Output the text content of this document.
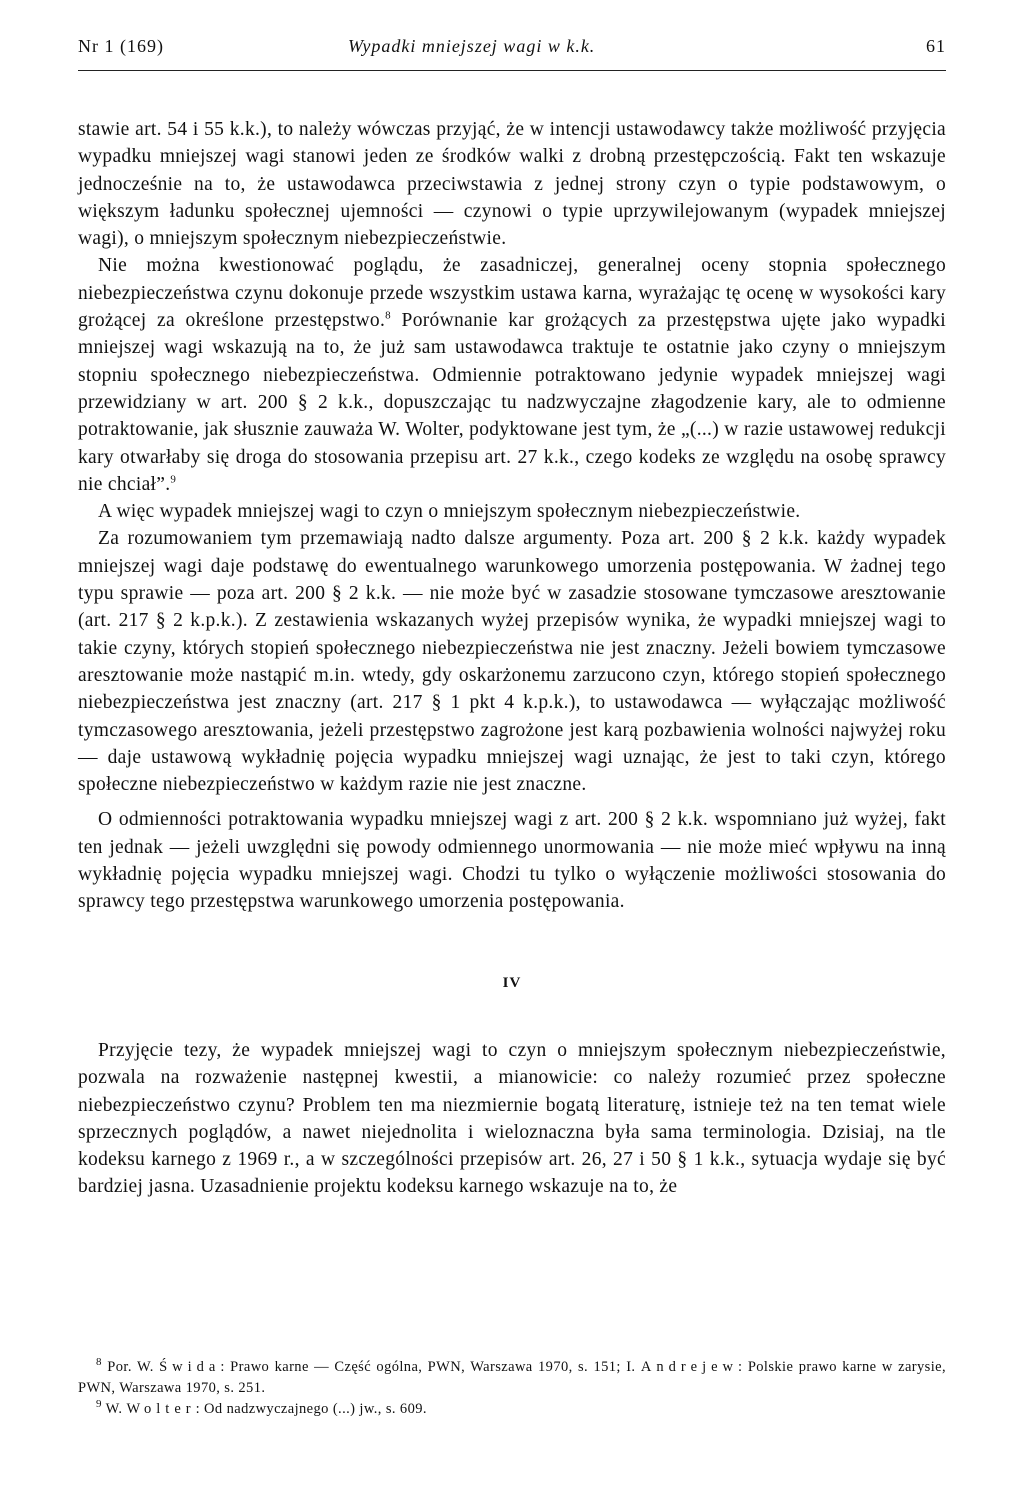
Nr 1 (169)	Wypadki mniejszej wagi w k.k.	61

stawie art. 54 i 55 k.k.), to należy wówczas przyjąć, że w intencji ustawodawcy także możliwość przyjęcia wypadku mniejszej wagi stanowi jeden ze środków walki z drobną przestępczością. Fakt ten wskazuje jednocześnie na to, że ustawodawca przeciwstawia z jednej strony czyn o typie podstawowym, o większym ładunku społecznej ujemności — czynowi o typie uprzywilejowanym (wypadek mniejszej wagi), o mniejszym społecznym niebezpieczeństwie.

Nie można kwestionować poglądu, że zasadniczej, generalnej oceny stopnia społecznego niebezpieczeństwa czynu dokonuje przede wszystkim ustawa karna, wyrażając tę ocenę w wysokości kary grożącej za określone przestępstwo.$^8$ Porównanie kar grożących za przestępstwa ujęte jako wypadki mniejszej wagi wskazują na to, że już sam ustawodawca traktuje te ostatnie jako czyny o mniejszym stopniu społecznego niebezpieczeństwa. Odmiennie potraktowano jedynie wypadek mniejszej wagi przewidziany w art. 200 § 2 k.k., dopuszczając tu nadzwyczajne złagodzenie kary, ale to odmienne potraktowanie, jak słusznie zauważa W. Wolter, podyktowane jest tym, że „(...) w razie ustawowej redukcji kary otwarłaby się droga do stosowania przepisu art. 27 k.k., czego kodeks ze względu na osobę sprawcy nie chciał”.$^9$

A więc wypadek mniejszej wagi to czyn o mniejszym społecznym niebezpieczeństwie.

Za rozumowaniem tym przemawiają nadto dalsze argumenty. Poza art. 200 § 2 k.k. każdy wypadek mniejszej wagi daje podstawę do ewentualnego warunkowego umorzenia postępowania. W żadnej tego typu sprawie — poza art. 200 § 2 k.k. — nie może być w zasadzie stosowane tymczasowe aresztowanie (art. 217 § 2 k.p.k.). Z zestawienia wskazanych wyżej przepisów wynika, że wypadki mniejszej wagi to takie czyny, których stopień społecznego niebezpieczeństwa nie jest znaczny. Jeżeli bowiem tymczasowe aresztowanie może nastąpić m.in. wtedy, gdy oskarżonemu zarzucono czyn, którego stopień społecznego niebezpieczeństwa jest znaczny (art. 217 § 1 pkt 4 k.p.k.), to ustawodawca — wyłączając możliwość tymczasowego aresztowania, jeżeli przestępstwo zagrożone jest karą pozbawienia wolności najwyżej roku — daje ustawową wykładnię pojęcia wypadku mniejszej wagi uznając, że jest to taki czyn, którego społeczne niebezpieczeństwo w każdym razie nie jest znaczne.

O odmienności potraktowania wypadku mniejszej wagi z art. 200 § 2 k.k. wspomniano już wyżej, fakt ten jednak — jeżeli uwzględni się powody odmiennego unormowania — nie może mieć wpływu na inną wykładnię pojęcia wypadku mniejszej wagi. Chodzi tu tylko o wyłączenie możliwości stosowania do sprawcy tego przestępstwa warunkowego umorzenia postępowania.

IV

Przyjęcie tezy, że wypadek mniejszej wagi to czyn o mniejszym społecznym niebezpieczeństwie, pozwala na rozważenie następnej kwestii, a mianowicie: co należy rozumieć przez społeczne niebezpieczeństwo czynu? Problem ten ma niezmiernie bogatą literaturę, istnieje też na ten temat wiele sprzecznych poglądów, a nawet niejednolita i wieloznaczna była sama terminologia. Dzisiaj, na tle kodeksu karnego z 1969 r., a w szczególności przepisów art. 26, 27 i 50 § 1 k.k., sytuacja wydaje się być bardziej jasna. Uzasadnienie projektu kodeksu karnego wskazuje na to, że

$^8$ Por. W. Świda: Prawo karne — Część ogólna, PWN, Warszawa 1970, s. 151; I. Andrejew: Polskie prawo karne w zarysie, PWN, Warszawa 1970, s. 251.

$^9$ W. Wolter: Od nadzwyczajnego (...) jw., s. 609.
